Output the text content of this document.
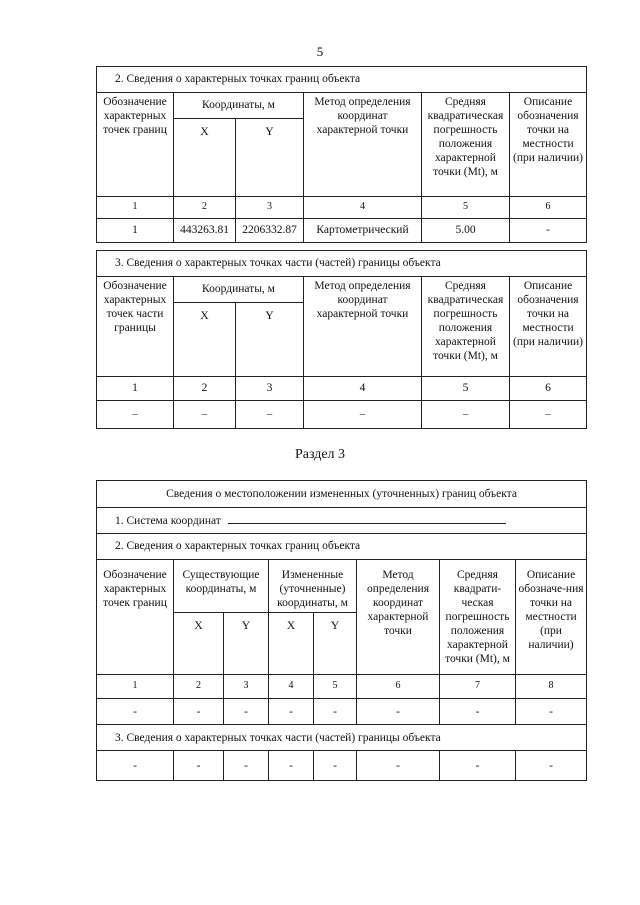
5
2. Сведения о характерных точках границ объекта					
Обозначение характерных точек границ	Координаты, м		Метод определения координат характерной точки	Средняя квадратическая погрешность положения характерной точки (Mt), м	Описание обозначения точки на местности (при наличии)
	X	Y			
1	2	3	4	5	6
1	443263.81	2206332.87	Картометрический	5.00	-
3. Сведения о характерных точках части (частей) границы объекта					
Обозначение характерных точек части границы	Координаты, м		Метод определения координат характерной точки	Средняя квадратическая погрешность положения характерной точки (Mt), м	Описание обозначения точки на местности (при наличии)
	X	Y			
1	2	3	4	5	6
–	–	–	–	–	–
Раздел 3
Сведения о местоположении измененных (уточненных) границ объекта							
1. Система координат							
2. Сведения о характерных точках границ объекта							
Обозначение характерных точек границ	Существующие координаты, м		Измененные (уточненные) координаты, м		Метод определения координат характерной точки	Средняя квадрати-ческая погрешность положения характерной точки (Mt), м	Описание обозначе-ния точки на местности (при наличии)
	X	Y	X	Y			
1	2	3	4	5	6	7	8
-	-	-	-	-	-	-	-
3. Сведения о характерных точках части (частей) границы объекта							
-	-	-	-	-	-	-	-
